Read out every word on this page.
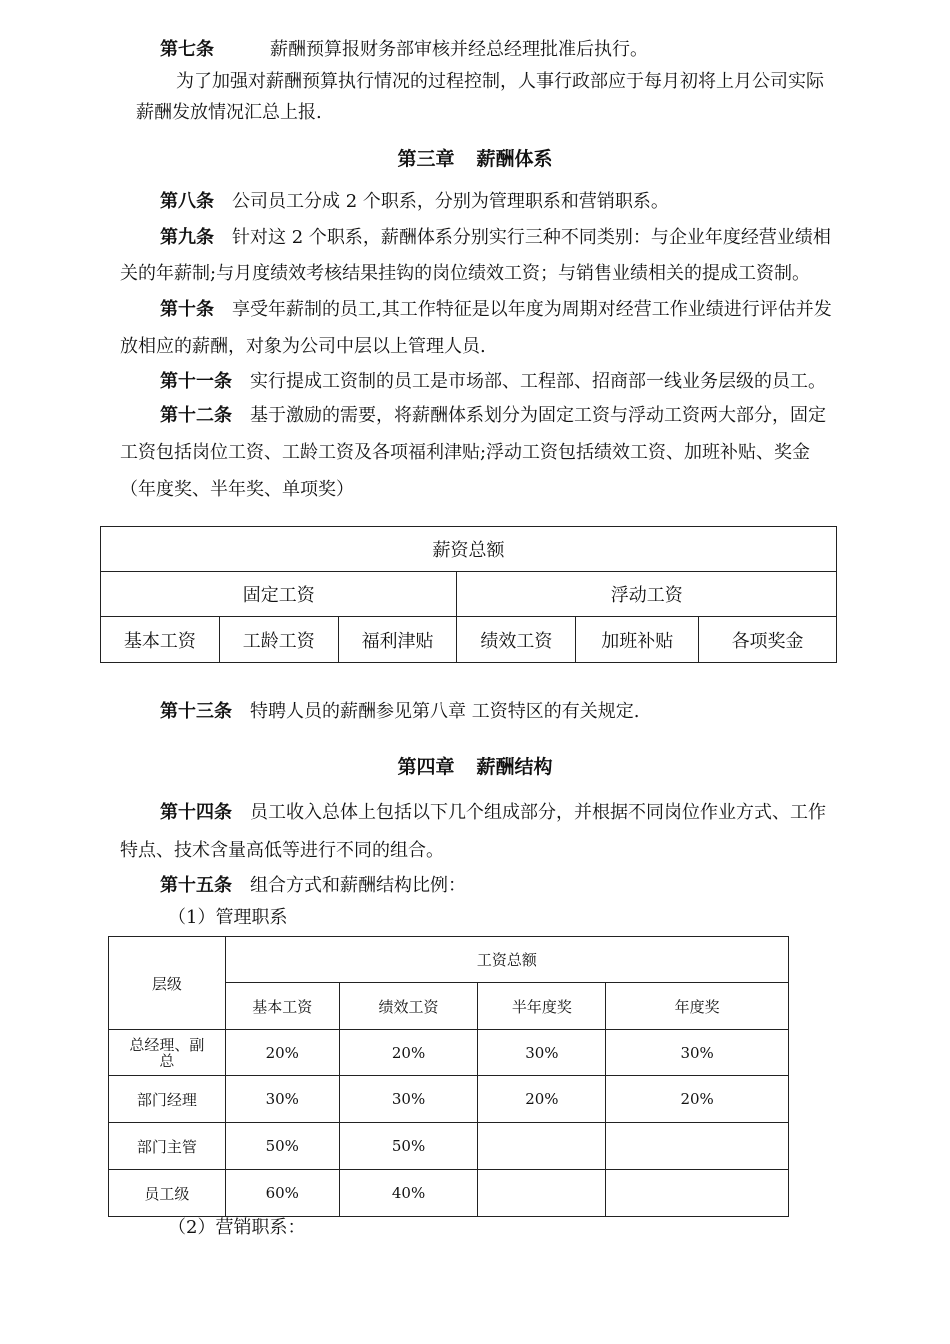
第七条	薪酬预算报财务部审核并经总经理批准后执行。
为了加强对薪酬预算执行情况的过程控制，人事行政部应于每月初将上月公司实际
薪酬发放情况汇总上报.
第三章 薪酬体系
第八条 公司员工分成 2 个职系，分别为管理职系和营销职系。
第九条 针对这 2 个职系，薪酬体系分别实行三种不同类别：与企业年度经营业绩相
关的年薪制;与月度绩效考核结果挂钩的岗位绩效工资；与销售业绩相关的提成工资制。
第十条 享受年薪制的员工,其工作特征是以年度为周期对经营工作业绩进行评估并发
放相应的薪酬，对象为公司中层以上管理人员.
第十一条 实行提成工资制的员工是市场部、工程部、招商部一线业务层级的员工。
第十二条 基于激励的需要，将薪酬体系划分为固定工资与浮动工资两大部分，固定
工资包括岗位工资、工龄工资及各项福利津贴;浮动工资包括绩效工资、加班补贴、奖金
（年度奖、半年奖、单项奖）
薪资总额					
固定工资			浮动工资		
基本工资	工龄工资	福利津贴	绩效工资	加班补贴	各项奖金
第十三条 特聘人员的薪酬参见第八章 工资特区的有关规定.
第四章 薪酬结构
第十四条 员工收入总体上包括以下几个组成部分，并根据不同岗位作业方式、工作
特点、技术含量高低等进行不同的组合。
第十五条 组合方式和薪酬结构比例：
（1）管理职系
层级	工资总额			
	基本工资	绩效工资	半年度奖	年度奖
总经理、副
总	20%	20%	30%	30%
部门经理	30%	30%	20%	20%
部门主管	50%	50%		
员工级	60%	40%		
（2）营销职系：
